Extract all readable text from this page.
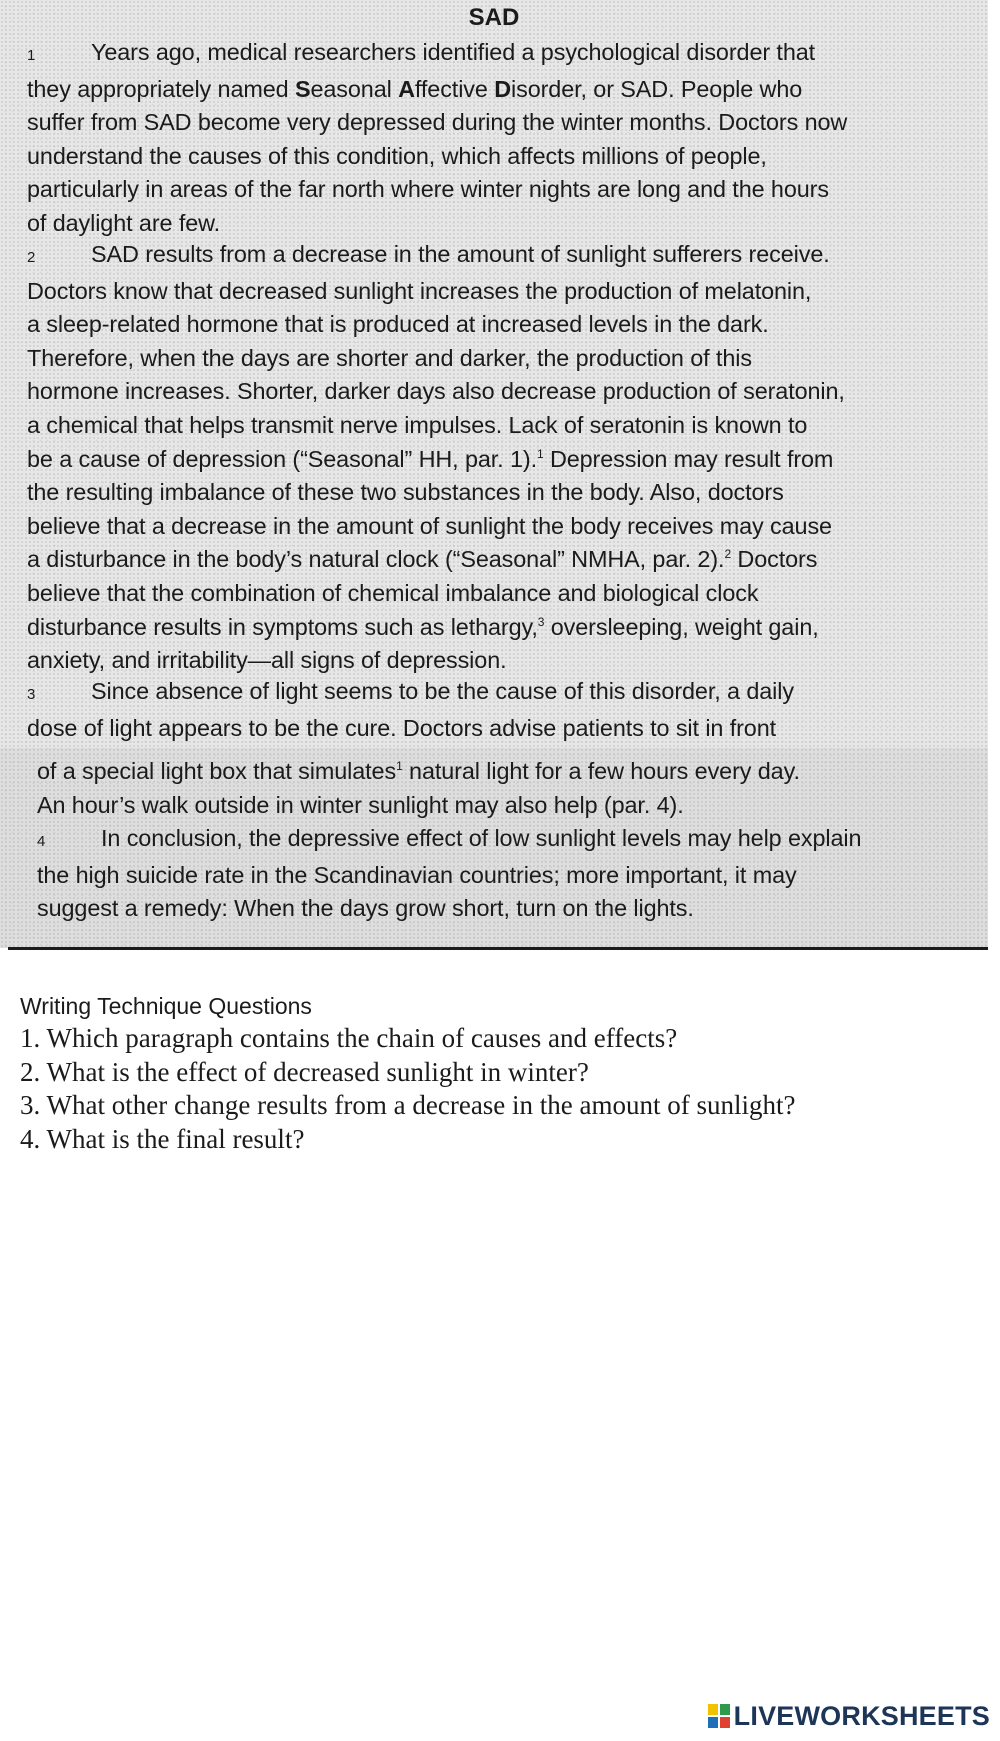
SAD

1 Years ago, medical researchers identified a psychological disorder that
they appropriately named Seasonal Affective Disorder, or SAD. People who
suffer from SAD become very depressed during the winter months. Doctors now
understand the causes of this condition, which affects millions of people,
particularly in areas of the far north where winter nights are long and the hours
of daylight are few.

2 SAD results from a decrease in the amount of sunlight sufferers receive.
Doctors know that decreased sunlight increases the production of melatonin,
a sleep-related hormone that is produced at increased levels in the dark.
Therefore, when the days are shorter and darker, the production of this
hormone increases. Shorter, darker days also decrease production of seratonin,
a chemical that helps transmit nerve impulses. Lack of seratonin is known to
be a cause of depression (“Seasonal” HH, par. 1).$^1$ Depression may result from
the resulting imbalance of these two substances in the body. Also, doctors
believe that a decrease in the amount of sunlight the body receives may cause
a disturbance in the body’s natural clock (“Seasonal” NMHA, par. 2).$^2$ Doctors
believe that the combination of chemical imbalance and biological clock
disturbance results in symptoms such as lethargy,$^3$ oversleeping, weight gain,
anxiety, and irritability—all signs of depression.

3 Since absence of light seems to be the cause of this disorder, a daily
dose of light appears to be the cure. Doctors advise patients to sit in front

of a special light box that simulates$^1$ natural light for a few hours every day.
An hour’s walk outside in winter sunlight may also help (par. 4).

4 In conclusion, the depressive effect of low sunlight levels may help explain
the high suicide rate in the Scandinavian countries; more important, it may
suggest a remedy: When the days grow short, turn on the lights.

Writing Technique Questions
1. Which paragraph contains the chain of causes and effects?
2. What is the effect of decreased sunlight in winter?
3. What other change results from a decrease in the amount of sunlight?
4. What is the final result?
LIVEWORKSHEETS
